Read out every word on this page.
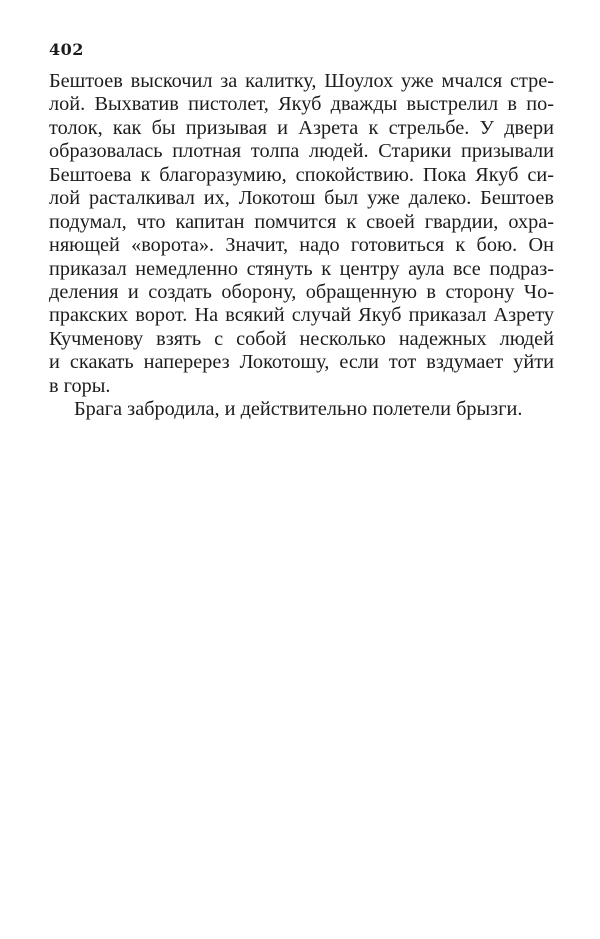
402
Бештоев выскочил за калитку, Шоулох уже мчался стре-
лой. Выхватив пистолет, Якуб дважды выстрелил в по-
толок, как бы призывая и Азрета к стрельбе. У двери
образовалась плотная толпа людей. Старики призывали
Бештоева к благоразумию, спокойствию. Пока Якуб си-
лой расталкивал их, Локотош был уже далеко. Бештоев
подумал, что капитан помчится к своей гвардии, охра-
няющей «ворота». Значит, надо готовиться к бою. Он
приказал немедленно стянуть к центру аула все подраз-
деления и создать оборону, обращенную в сторону Чо-
пракских ворот. На всякий случай Якуб приказал Азрету
Кучменову взять с собой несколько надежных людей
и скакать наперерез Локотошу, если тот вздумает уйти
в горы.
Брага забродила, и действительно полетели брызги.
